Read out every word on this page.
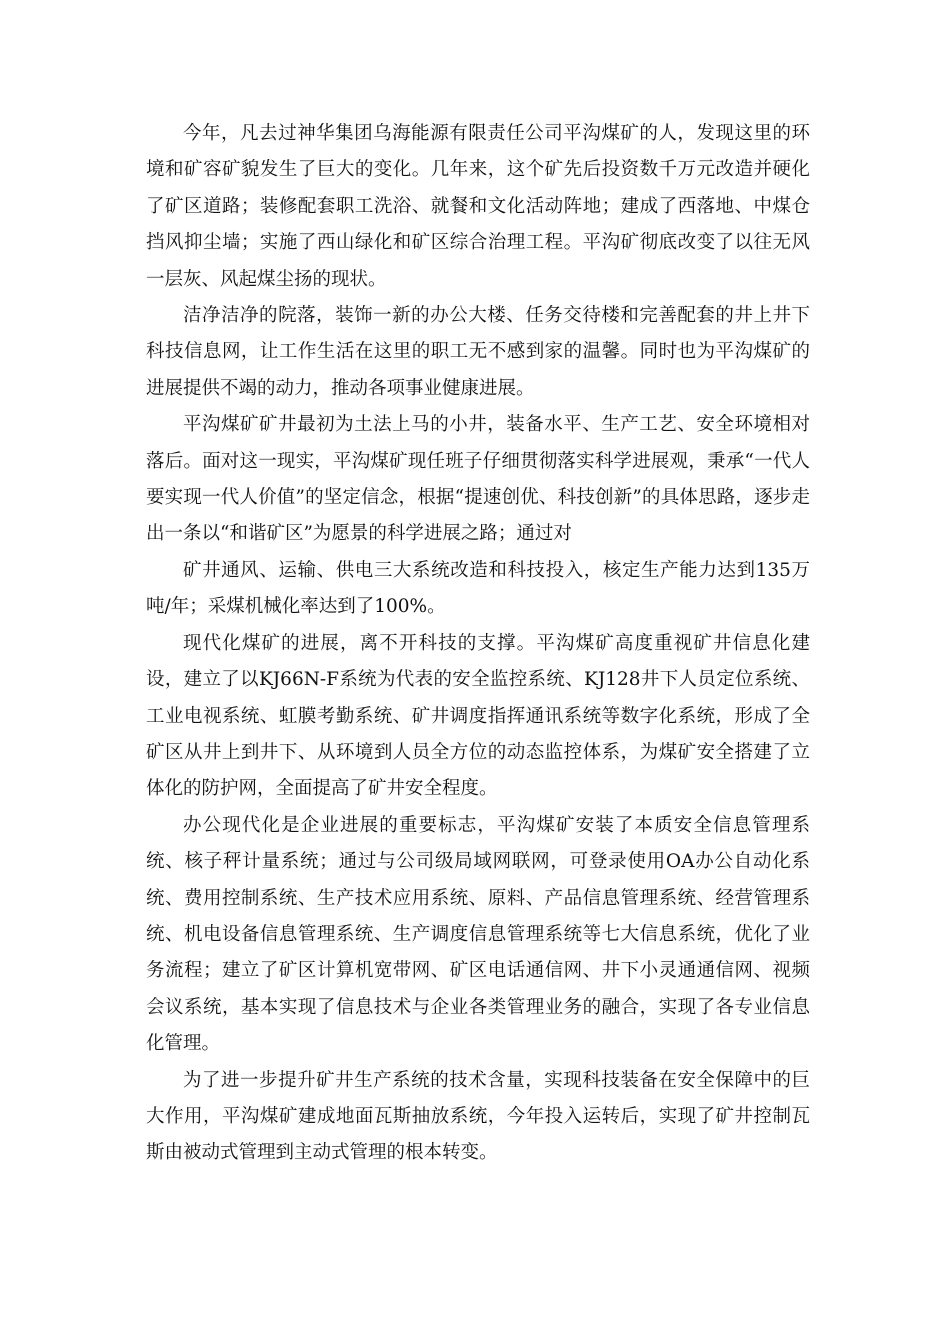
今年，凡去过神华集团乌海能源有限责任公司平沟煤矿的人，发现这里的环境和矿容矿貌发生了巨大的变化。几年来，这个矿先后投资数千万元改造并硬化了矿区道路；装修配套职工洗浴、就餐和文化活动阵地；建成了西落地、中煤仓挡风抑尘墙；实施了西山绿化和矿区综合治理工程。平沟矿彻底改变了以往无风一层灰、风起煤尘扬的现状。

洁净洁净的院落，装饰一新的办公大楼、任务交待楼和完善配套的井上井下科技信息网，让工作生活在这里的职工无不感到家的温馨。同时也为平沟煤矿的进展提供不竭的动力，推动各项事业健康进展。

平沟煤矿矿井最初为土法上马的小井，装备水平、生产工艺、安全环境相对落后。面对这一现实，平沟煤矿现任班子仔细贯彻落实科学进展观，秉承“一代人要实现一代人价值”的坚定信念，根据“提速创优、科技创新”的具体思路，逐步走出一条以“和谐矿区”为愿景的科学进展之路；通过对

矿井通风、运输、供电三大系统改造和科技投入，核定生产能力达到135万吨/年；采煤机械化率达到了100%。

现代化煤矿的进展，离不开科技的支撑。平沟煤矿高度重视矿井信息化建设，建立了以KJ66N-F系统为代表的安全监控系统、KJ128井下人员定位系统、工业电视系统、虹膜考勤系统、矿井调度指挥通讯系统等数字化系统，形成了全矿区从井上到井下、从环境到人员全方位的动态监控体系，为煤矿安全搭建了立体化的防护网，全面提高了矿井安全程度。

办公现代化是企业进展的重要标志，平沟煤矿安装了本质安全信息管理系统、核子秤计量系统；通过与公司级局域网联网，可登录使用OA办公自动化系统、费用控制系统、生产技术应用系统、原料、产品信息管理系统、经营管理系统、机电设备信息管理系统、生产调度信息管理系统等七大信息系统，优化了业务流程；建立了矿区计算机宽带网、矿区电话通信网、井下小灵通通信网、视频会议系统，基本实现了信息技术与企业各类管理业务的融合，实现了各专业信息化管理。

为了进一步提升矿井生产系统的技术含量，实现科技装备在安全保障中的巨大作用，平沟煤矿建成地面瓦斯抽放系统，今年投入运转后，实现了矿井控制瓦斯由被动式管理到主动式管理的根本转变。
